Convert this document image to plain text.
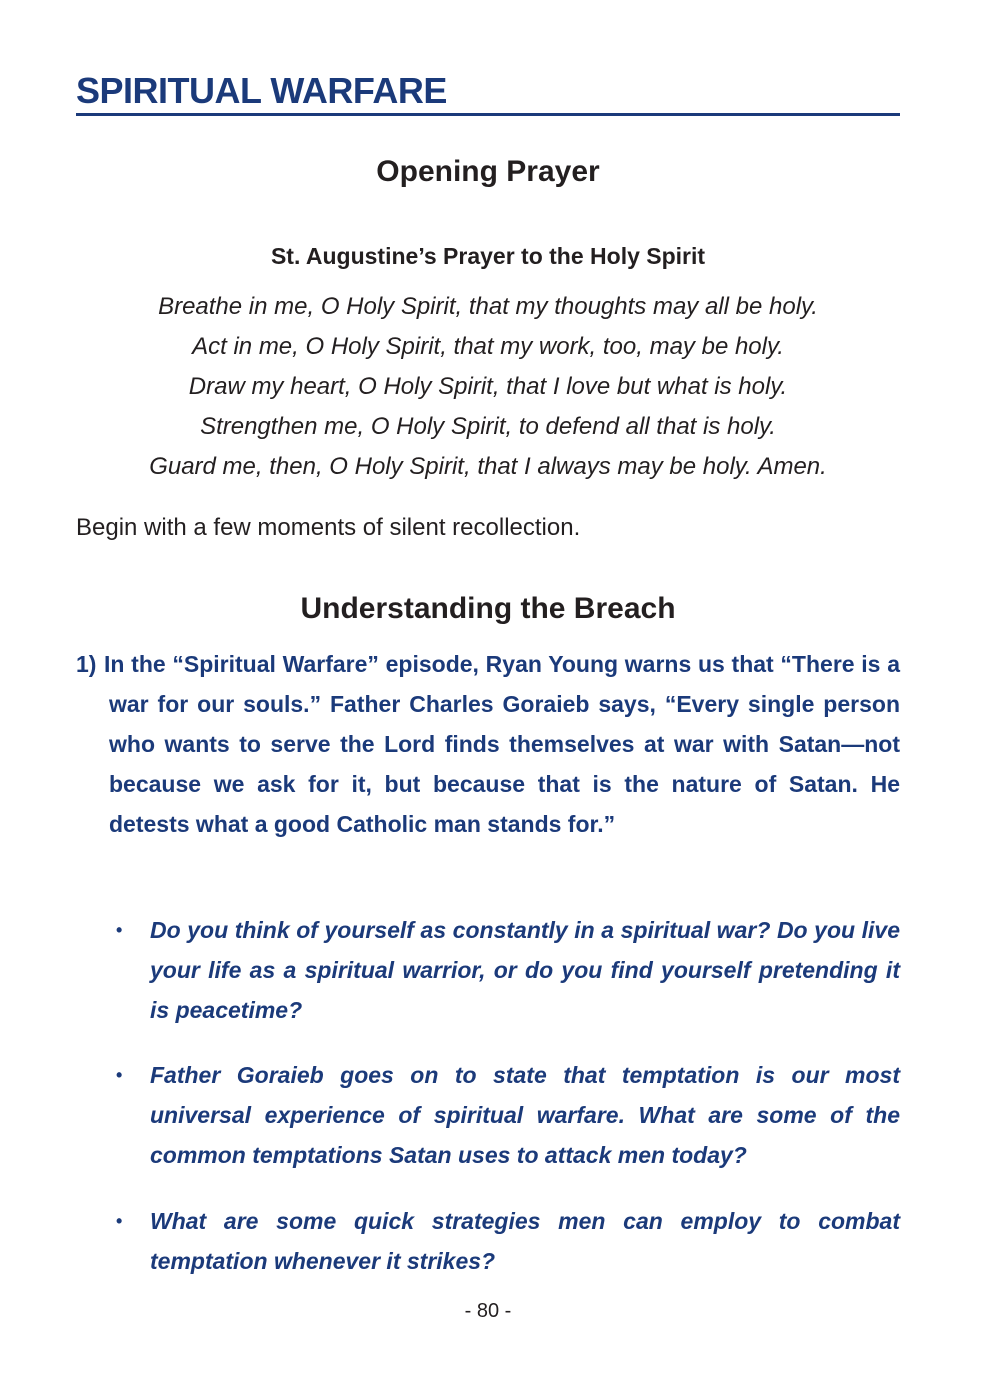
SPIRITUAL WARFARE
Opening Prayer
St. Augustine’s Prayer to the Holy Spirit
Breathe in me, O Holy Spirit, that my thoughts may all be holy.
Act in me, O Holy Spirit, that my work, too, may be holy.
Draw my heart, O Holy Spirit, that I love but what is holy.
Strengthen me, O Holy Spirit, to defend all that is holy.
Guard me, then, O Holy Spirit, that I always may be holy. Amen.
Begin with a few moments of silent recollection.
Understanding the Breach
1) In the “Spiritual Warfare” episode, Ryan Young warns us that “There is a war for our souls.” Father Charles Goraieb says, “Every single person who wants to serve the Lord finds themselves at war with Satan—not because we ask for it, but because that is the nature of Satan. He detests what a good Catholic man stands for.”
•	Do you think of yourself as constantly in a spiritual war? Do you live your life as a spiritual warrior, or do you find yourself pretending it is peacetime?
•	Father Goraieb goes on to state that temptation is our most universal experience of spiritual warfare. What are some of the common temptations Satan uses to attack men today?
•	What are some quick strategies men can employ to combat temptation whenever it strikes?
- 80 -
